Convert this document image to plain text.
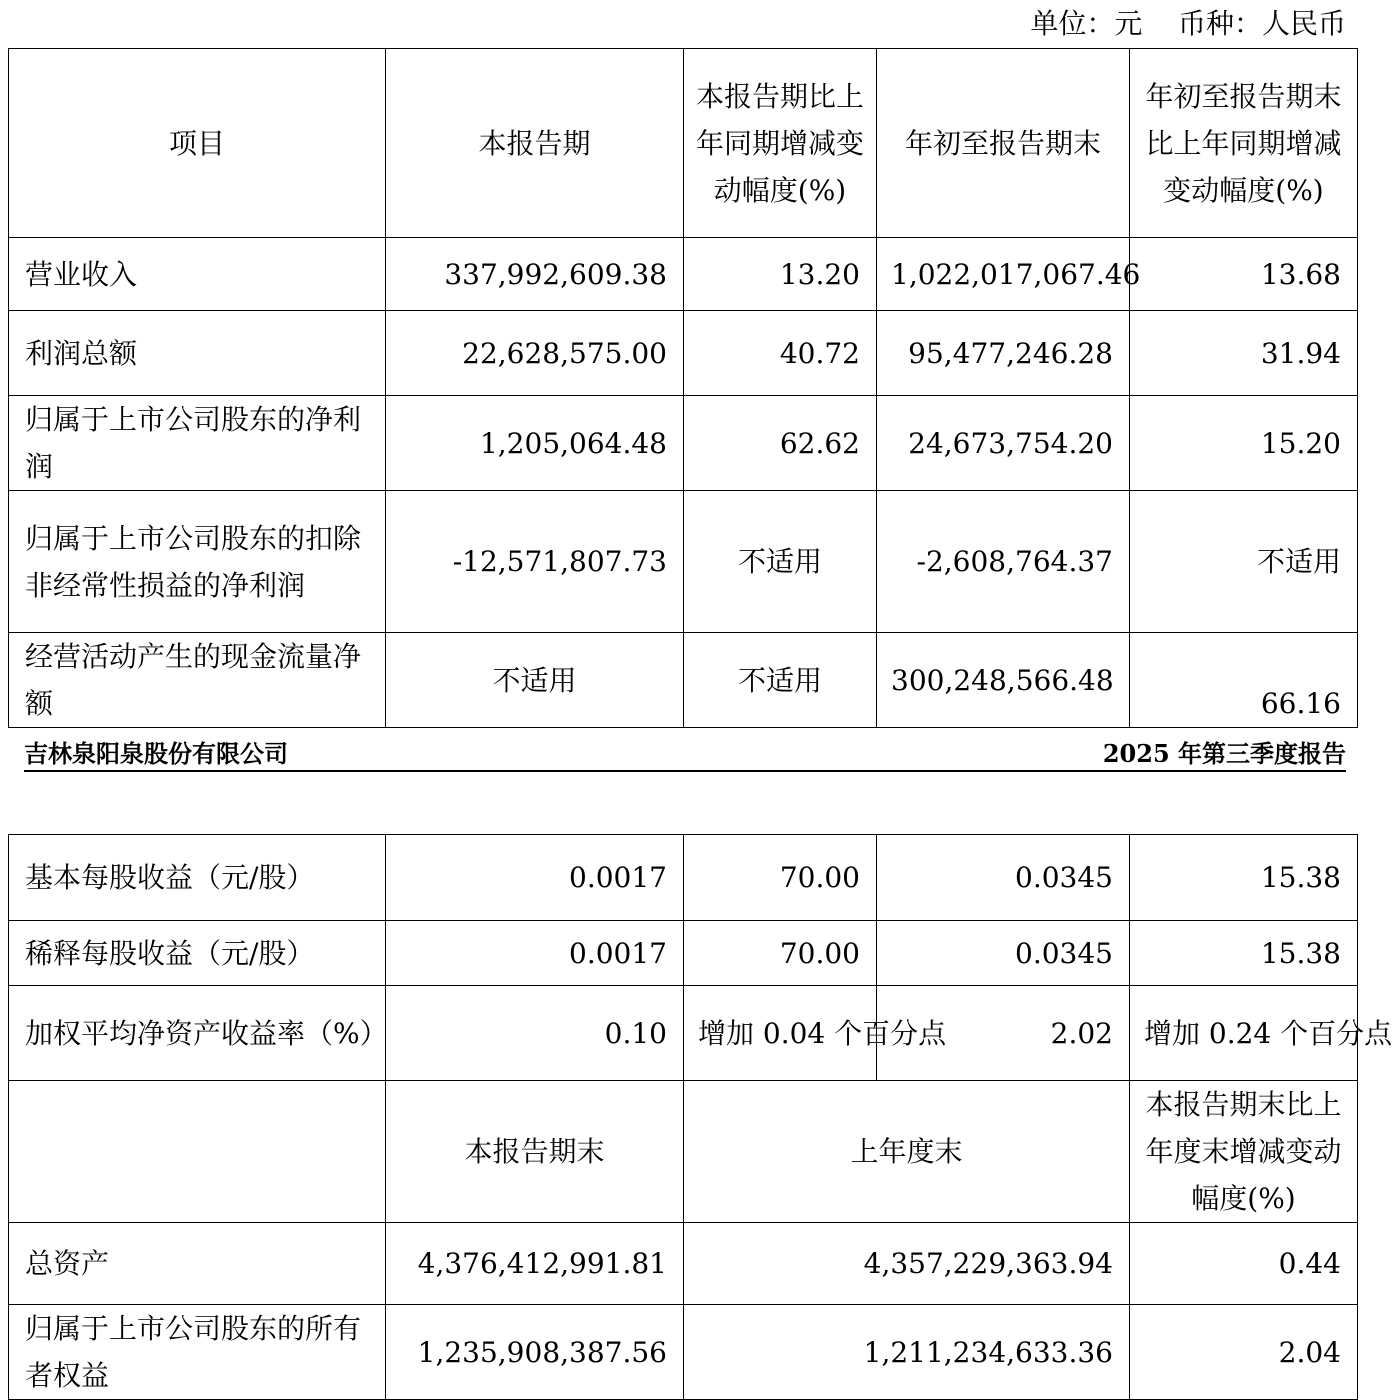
单位：元    币种：人民币
项目	本报告期	本报告期比上年同期增减变动幅度(%)	年初至报告期末	年初至报告期末比上年同期增减变动幅度(%)
营业收入	337,992,609.38	13.20	1,022,017,067.46	13.68
利润总额	22,628,575.00	40.72	95,477,246.28	31.94
归属于上市公司股东的净利润	1,205,064.48	62.62	24,673,754.20	15.20
归属于上市公司股东的扣除非经常性损益的净利润	-12,571,807.73	不适用	-2,608,764.37	不适用
经营活动产生的现金流量净额	不适用	不适用	300,248,566.48	66.16
吉林泉阳泉股份有限公司	2025 年第三季度报告
基本每股收益（元/股）	0.0017	70.00	0.0345	15.38
稀释每股收益（元/股）	0.0017	70.00	0.0345	15.38
加权平均净资产收益率（%）	0.10	增加 0.04 个百分点	2.02	增加 0.24 个百分点
	本报告期末	上年度末		本报告期末比上年度末增减变动幅度(%)
总资产	4,376,412,991.81	4,357,229,363.94		0.44
归属于上市公司股东的所有者权益	1,235,908,387.56	1,211,234,633.36		2.04
